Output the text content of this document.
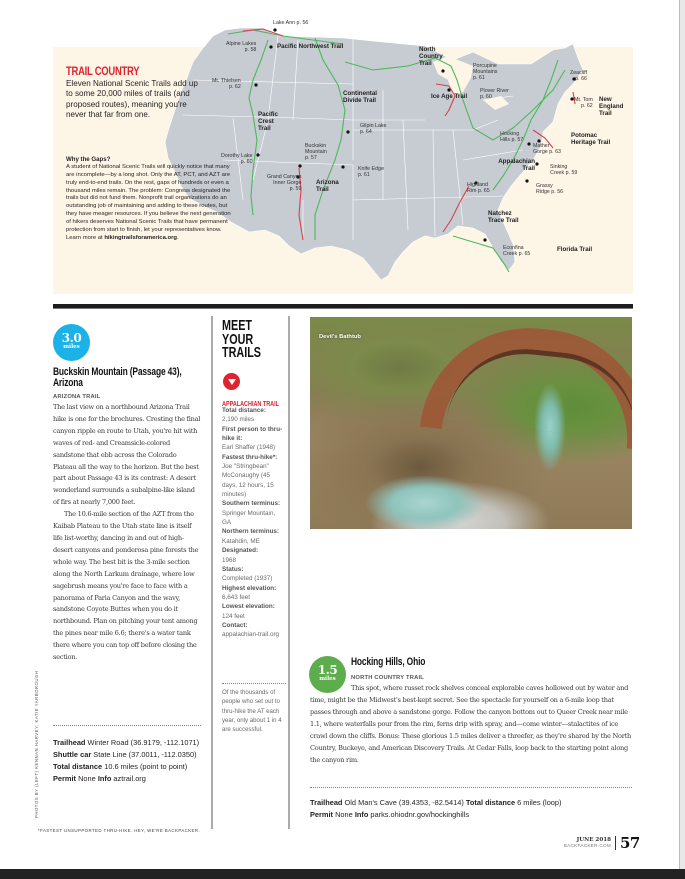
Lake Ann p. 56
Alpine Lakes
p. 58	Pacific Northwest Trail
Mt. Thielsen
p. 62
Pacific Crest Trail
Dorothy Lake
p. 60
Buckskin
Mountain
p. 57
Grand Canyon
Inner Gorge
p. 59
Arizona Trail
Continental Divide Trail
Gilpin Lake
p. 64
Knife Edge
p. 61
North Country Trail	Porcupine
Mountains
p. 61
Ice Age Trail
Plover River
p. 60
Zeacliff
p. 66
Mt. Tom
p. 62
New England Trail
Hocking
Hills p. 57
Potomac Heritage Trail
Mather
Gorge p. 63
Appalachian Trail	Sinking
Creek p. 59
Grassy
Ridge p. 56
Highland
Rim p. 65
Natchez Trace Trail
Econfina
Creek p. 65
Florida Trail
TRAIL COUNTRY
Eleven National Scenic Trails add up to some 20,000 miles of trails (and proposed routes), meaning you're never that far from one.
Why the Gaps?
A student of National Scenic Trails will quickly notice that many are incomplete—by a long shot. Only the AT, PCT, and AZT are truly end-to-end trails. On the rest, gaps of hundreds or even a thousand miles remain. The problem: Congress designated the trails but did not fund them. Nonprofit trail organizations do an outstanding job of maintaining and adding to these routes, but they have meager resources. If you believe the next generation of hikers deserves National Scenic Trails that have permanent protection from start to finish, let your representatives know. Learn more at hikingtrailsforamerica.org.
3.0
miles
Buckskin Mountain (Passage 43), Arizona
ARIZONA TRAIL

The last view on a northbound Arizona Trail hike is one for the brochures. Cresting the final canyon ripple en route to Utah, you're hit with waves of red- and Creamsicle-colored sandstone that ebb across the Colorado Plateau all the way to the horizon. But the best part about Passage 43 is its contrast: A desert wonderland surrounds a subalpine-like island of firs at nearly 7,000 feet.

The 10.6-mile section of the AZT from the Kaibab Plateau to the Utah state line is itself life list-worthy, dancing in and out of high-desert canyons and ponderosa pine forests the whole way. The best bit is the 3-mile section along the North Larkum drainage, where low sagebrush means you're face to face with a panorama of Paria Canyon and the wavy, sandstone Coyote Buttes when you do it northbound. Plan on pitching your tent among the pines near mile 6.6; there's a water tank there where you can top off before closing the section.

Trailhead Winter Road (36.9179, -112.1071) Shuttle car State Line (37.0011, -112.0350) Total distance 10.6 miles (point to point) Permit None Info aztrail.org
PHOTOS BY (LEFT) KENNAN HARVEY; KATIE YARBOROUGH
*FASTEST UNSUPPORTED THRU-HIKE. HEY, WE'RE BACKPACKER.
MEET
YOUR
TRAILS
APPALACHIAN TRAIL
Total distance:
2,190 miles
First person to thru-hike it:
Earl Shaffer (1948)
Fastest thru-hike*:
Joe "Stringbean" McConaughy (45 days, 12 hours, 15 minutes)
Southern terminus:
Springer Mountain, GA
Northern terminus:
Katahdin, ME
Designated:
1968
Status:
Completed (1937)
Highest elevation:
6,643 feet
Lowest elevation:
124 feet
Contact:
appalachian-trail.org
Of the thousands of people who set out to thru-hike the AT each year, only about 1 in 4 are successful.
Devil's Bathtub
1.5
miles
Hocking Hills, Ohio
NORTH COUNTRY TRAIL
This spot, where russet rock shelves conceal explorable caves hollowed out by water and time, might be the Midwest's best-kept secret. See the spectacle for yourself on a 6-mile loop that passes through and above a sandstone gorge. Follow the canyon bottom out to Queer Creek near mile 1.1, where waterfalls pour from the rim, ferns drip with spray, and—come winter—stalactites of ice crawl down the cliffs. Bonus: These glorious 1.5 miles deliver a threefer, as they're shared by the North Country, Buckeye, and American Discovery Trails. At Cedar Falls, loop back to the starting point along the canyon rim.
Trailhead Old Man's Cave (39.4353, -82.5414) Total distance 6 miles (loop)
Permit None Info parks.ohiodnr.gov/hockinghills
JUNE 2018
BACKPACKER.COM 57
